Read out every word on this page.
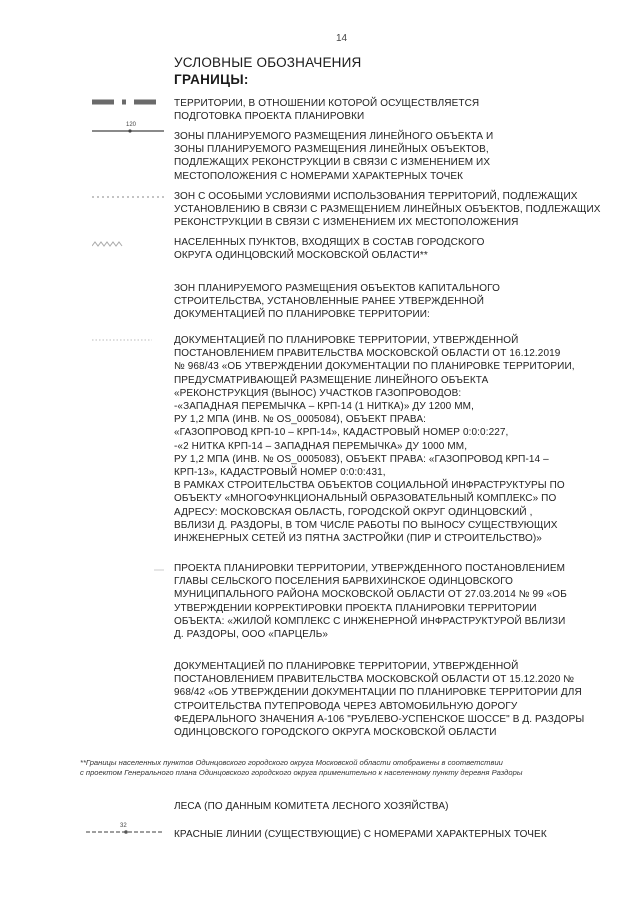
14
УСЛОВНЫЕ ОБОЗНАЧЕНИЯ
ГРАНИЦЫ:
ТЕРРИТОРИИ, В ОТНОШЕНИИ КОТОРОЙ ОСУЩЕСТВЛЯЕТСЯ
ПОДГОТОВКА ПРОЕКТА ПЛАНИРОВКИ
120
ЗОНЫ ПЛАНИРУЕМОГО РАЗМЕЩЕНИЯ ЛИНЕЙНОГО ОБЪЕКТА И
ЗОНЫ ПЛАНИРУЕМОГО РАЗМЕЩЕНИЯ ЛИНЕЙНЫХ ОБЪЕКТОВ,
ПОДЛЕЖАЩИХ РЕКОНСТРУКЦИИ В СВЯЗИ С ИЗМЕНЕНИЕМ ИХ
МЕСТОПОЛОЖЕНИЯ С НОМЕРАМИ ХАРАКТЕРНЫХ ТОЧЕК
ЗОН С ОСОБЫМИ УСЛОВИЯМИ ИСПОЛЬЗОВАНИЯ ТЕРРИТОРИЙ, ПОДЛЕЖАЩИХ
УСТАНОВЛЕНИЮ В СВЯЗИ С РАЗМЕЩЕНИЕМ ЛИНЕЙНЫХ ОБЪЕКТОВ, ПОДЛЕЖАЩИХ
РЕКОНСТРУКЦИИ В СВЯЗИ С ИЗМЕНЕНИЕМ ИХ МЕСТОПОЛОЖЕНИЯ
НАСЕЛЕННЫХ ПУНКТОВ, ВХОДЯЩИХ В СОСТАВ ГОРОДСКОГО
ОКРУГА ОДИНЦОВСКИЙ МОСКОВСКОЙ ОБЛАСТИ**
ЗОН ПЛАНИРУЕМОГО РАЗМЕЩЕНИЯ ОБЪЕКТОВ КАПИТАЛЬНОГО
СТРОИТЕЛЬСТВА, УСТАНОВЛЕННЫЕ РАНЕЕ УТВЕРЖДЕННОЙ
ДОКУМЕНТАЦИЕЙ ПО ПЛАНИРОВКЕ ТЕРРИТОРИИ:
ДОКУМЕНТАЦИЕЙ ПО ПЛАНИРОВКЕ ТЕРРИТОРИИ, УТВЕРЖДЕННОЙ
ПОСТАНОВЛЕНИЕМ ПРАВИТЕЛЬСТВА МОСКОВСКОЙ ОБЛАСТИ ОТ 16.12.2019
№ 968/43 «ОБ УТВЕРЖДЕНИИ ДОКУМЕНТАЦИИ ПО ПЛАНИРОВКЕ ТЕРРИТОРИИ,
ПРЕДУСМАТРИВАЮЩЕЙ РАЗМЕЩЕНИЕ ЛИНЕЙНОГО ОБЪЕКТА
«РЕКОНСТРУКЦИЯ (ВЫНОС) УЧАСТКОВ ГАЗОПРОВОДОВ:
-«ЗАПАДНАЯ ПЕРЕМЫЧКА – КРП-14 (1 НИТКА)» ДУ 1200 ММ,
РУ 1,2 МПА (ИНВ. № OS_0005084), ОБЪЕКТ ПРАВА:
«ГАЗОПРОВОД КРП-10 – КРП-14», КАДАСТРОВЫЙ НОМЕР 0:0:0:227,
-«2 НИТКА КРП-14 – ЗАПАДНАЯ ПЕРЕМЫЧКА» ДУ 1000 ММ,
РУ 1,2 МПА (ИНВ. № OS_0005083), ОБЪЕКТ ПРАВА: «ГАЗОПРОВОД КРП-14 –
КРП-13», КАДАСТРОВЫЙ НОМЕР 0:0:0:431,
В РАМКАХ СТРОИТЕЛЬСТВА ОБЪЕКТОВ СОЦИАЛЬНОЙ ИНФРАСТРУКТУРЫ ПО
ОБЪЕКТУ «МНОГОФУНКЦИОНАЛЬНЫЙ ОБРАЗОВАТЕЛЬНЫЙ КОМПЛЕКС» ПО
АДРЕСУ: МОСКОВСКАЯ ОБЛАСТЬ, ГОРОДСКОЙ ОКРУГ ОДИНЦОВСКИЙ ,
ВБЛИЗИ Д. РАЗДОРЫ, В ТОМ ЧИСЛЕ РАБОТЫ ПО ВЫНОСУ СУЩЕСТВУЮЩИХ
ИНЖЕНЕРНЫХ СЕТЕЙ ИЗ ПЯТНА ЗАСТРОЙКИ (ПИР И СТРОИТЕЛЬСТВО)»
ПРОЕКТА ПЛАНИРОВКИ ТЕРРИТОРИИ, УТВЕРЖДЕННОГО ПОСТАНОВЛЕНИЕМ
ГЛАВЫ СЕЛЬСКОГО ПОСЕЛЕНИЯ БАРВИХИНСКОЕ ОДИНЦОВСКОГО
МУНИЦИПАЛЬНОГО РАЙОНА МОСКОВСКОЙ ОБЛАСТИ ОТ 27.03.2014 № 99 «ОБ
УТВЕРЖДЕНИИ КОРРЕКТИРОВКИ ПРОЕКТА ПЛАНИРОВКИ ТЕРРИТОРИИ
ОБЪЕКТА: «ЖИЛОЙ КОМПЛЕКС С ИНЖЕНЕРНОЙ ИНФРАСТРУКТУРОЙ ВБЛИЗИ
Д. РАЗДОРЫ, ООО «ПАРЦЕЛЬ»
ДОКУМЕНТАЦИЕЙ ПО ПЛАНИРОВКЕ ТЕРРИТОРИИ, УТВЕРЖДЕННОЙ
ПОСТАНОВЛЕНИЕМ ПРАВИТЕЛЬСТВА МОСКОВСКОЙ ОБЛАСТИ ОТ 15.12.2020 №
968/42 «ОБ УТВЕРЖДЕНИИ ДОКУМЕНТАЦИИ ПО ПЛАНИРОВКЕ ТЕРРИТОРИИ ДЛЯ
СТРОИТЕЛЬСТВА ПУТЕПРОВОДА ЧЕРЕЗ АВТОМОБИЛЬНУЮ ДОРОГУ
ФЕДЕРАЛЬНОГО ЗНАЧЕНИЯ А-106 "РУБЛЕВО-УСПЕНСКОЕ ШОССЕ" В Д. РАЗДОРЫ
ОДИНЦОВСКОГО ГОРОДСКОГО ОКРУГА МОСКОВСКОЙ ОБЛАСТИ
**Границы населенных пунктов Одинцовского городского округа Московской области отображены в соответствии
с проектом Генерального плана Одинцовского городского округа применительно к населенному пункту деревня Раздоры
ЛЕСА (ПО ДАННЫМ КОМИТЕТА ЛЕСНОГО ХОЗЯЙСТВА)
32
КРАСНЫЕ ЛИНИИ (СУЩЕСТВУЮЩИЕ) С НОМЕРАМИ ХАРАКТЕРНЫХ ТОЧЕК
